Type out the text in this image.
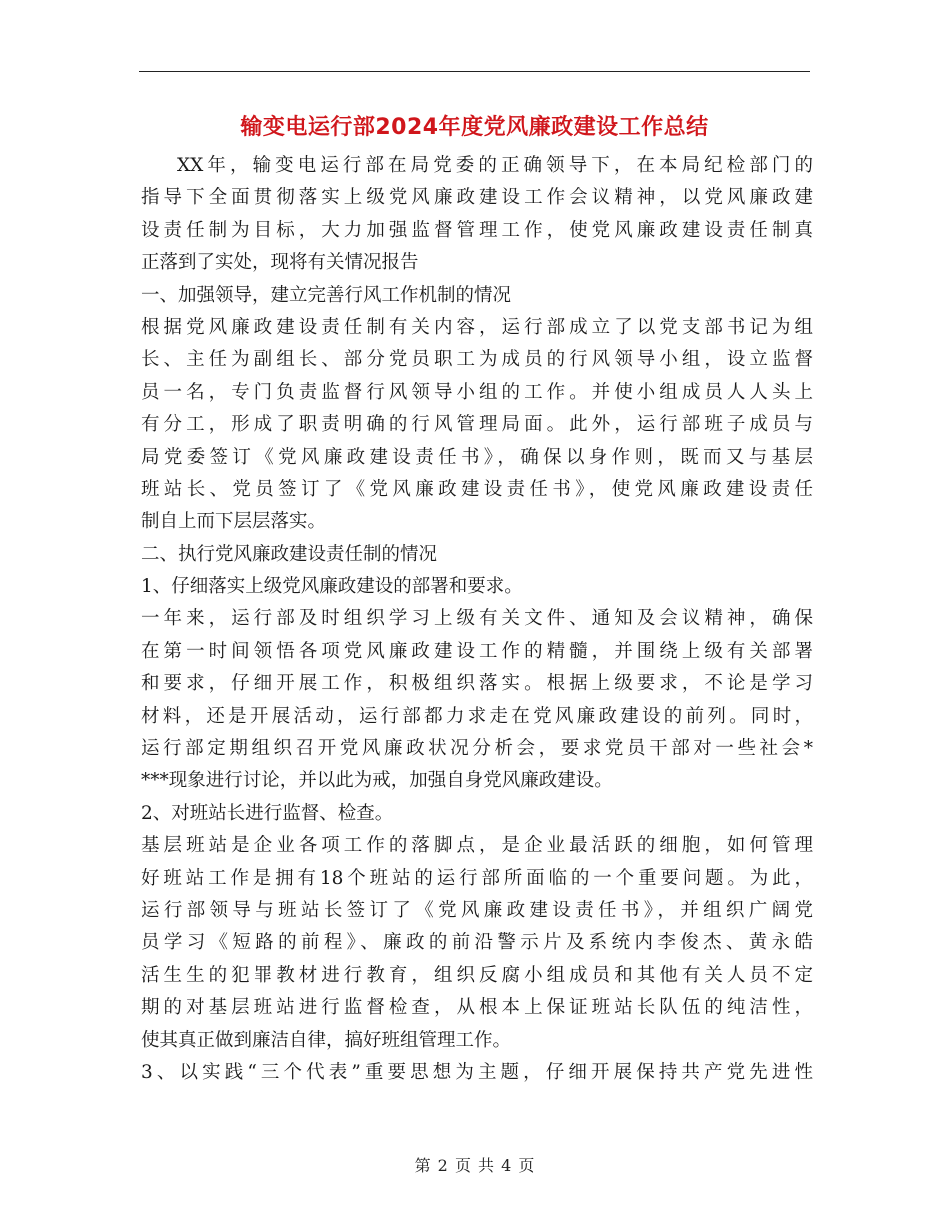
输变电运行部2024年度党风廉政建设工作总结
XX年，输变电运行部在局党委的正确领导下，在本局纪检部门的
指导下全面贯彻落实上级党风廉政建设工作会议精神，以党风廉政建
设责任制为目标，大力加强监督管理工作，使党风廉政建设责任制真
正落到了实处，现将有关情况报告
一、加强领导，建立完善行风工作机制的情况
根据党风廉政建设责任制有关内容，运行部成立了以党支部书记为组
长、主任为副组长、部分党员职工为成员的行风领导小组，设立监督
员一名，专门负责监督行风领导小组的工作。并使小组成员人人头上
有分工，形成了职责明确的行风管理局面。此外，运行部班子成员与
局党委签订《党风廉政建设责任书》，确保以身作则，既而又与基层
班站长、党员签订了《党风廉政建设责任书》，使党风廉政建设责任
制自上而下层层落实。
二、执行党风廉政建设责任制的情况
1、仔细落实上级党风廉政建设的部署和要求。
一年来，运行部及时组织学习上级有关文件、通知及会议精神，确保
在第一时间领悟各项党风廉政建设工作的精髓，并围绕上级有关部署
和要求，仔细开展工作，积极组织落实。根据上级要求，不论是学习
材料，还是开展活动，运行部都力求走在党风廉政建设的前列。同时，
运行部定期组织召开党风廉政状况分析会，要求党员干部对一些社会*
***现象进行讨论，并以此为戒，加强自身党风廉政建设。
2、对班站长进行监督、检查。
基层班站是企业各项工作的落脚点，是企业最活跃的细胞，如何管理
好班站工作是拥有18个班站的运行部所面临的一个重要问题。为此，
运行部领导与班站长签订了《党风廉政建设责任书》，并组织广阔党
员学习《短路的前程》、廉政的前沿警示片及系统内李俊杰、黄永皓
活生生的犯罪教材进行教育，组织反腐小组成员和其他有关人员不定
期的对基层班站进行监督检查，从根本上保证班站长队伍的纯洁性，
使其真正做到廉洁自律，搞好班组管理工作。
3、以实践“三个代表”重要思想为主题，仔细开展保持共产党先进性
第 2 页 共 4 页
